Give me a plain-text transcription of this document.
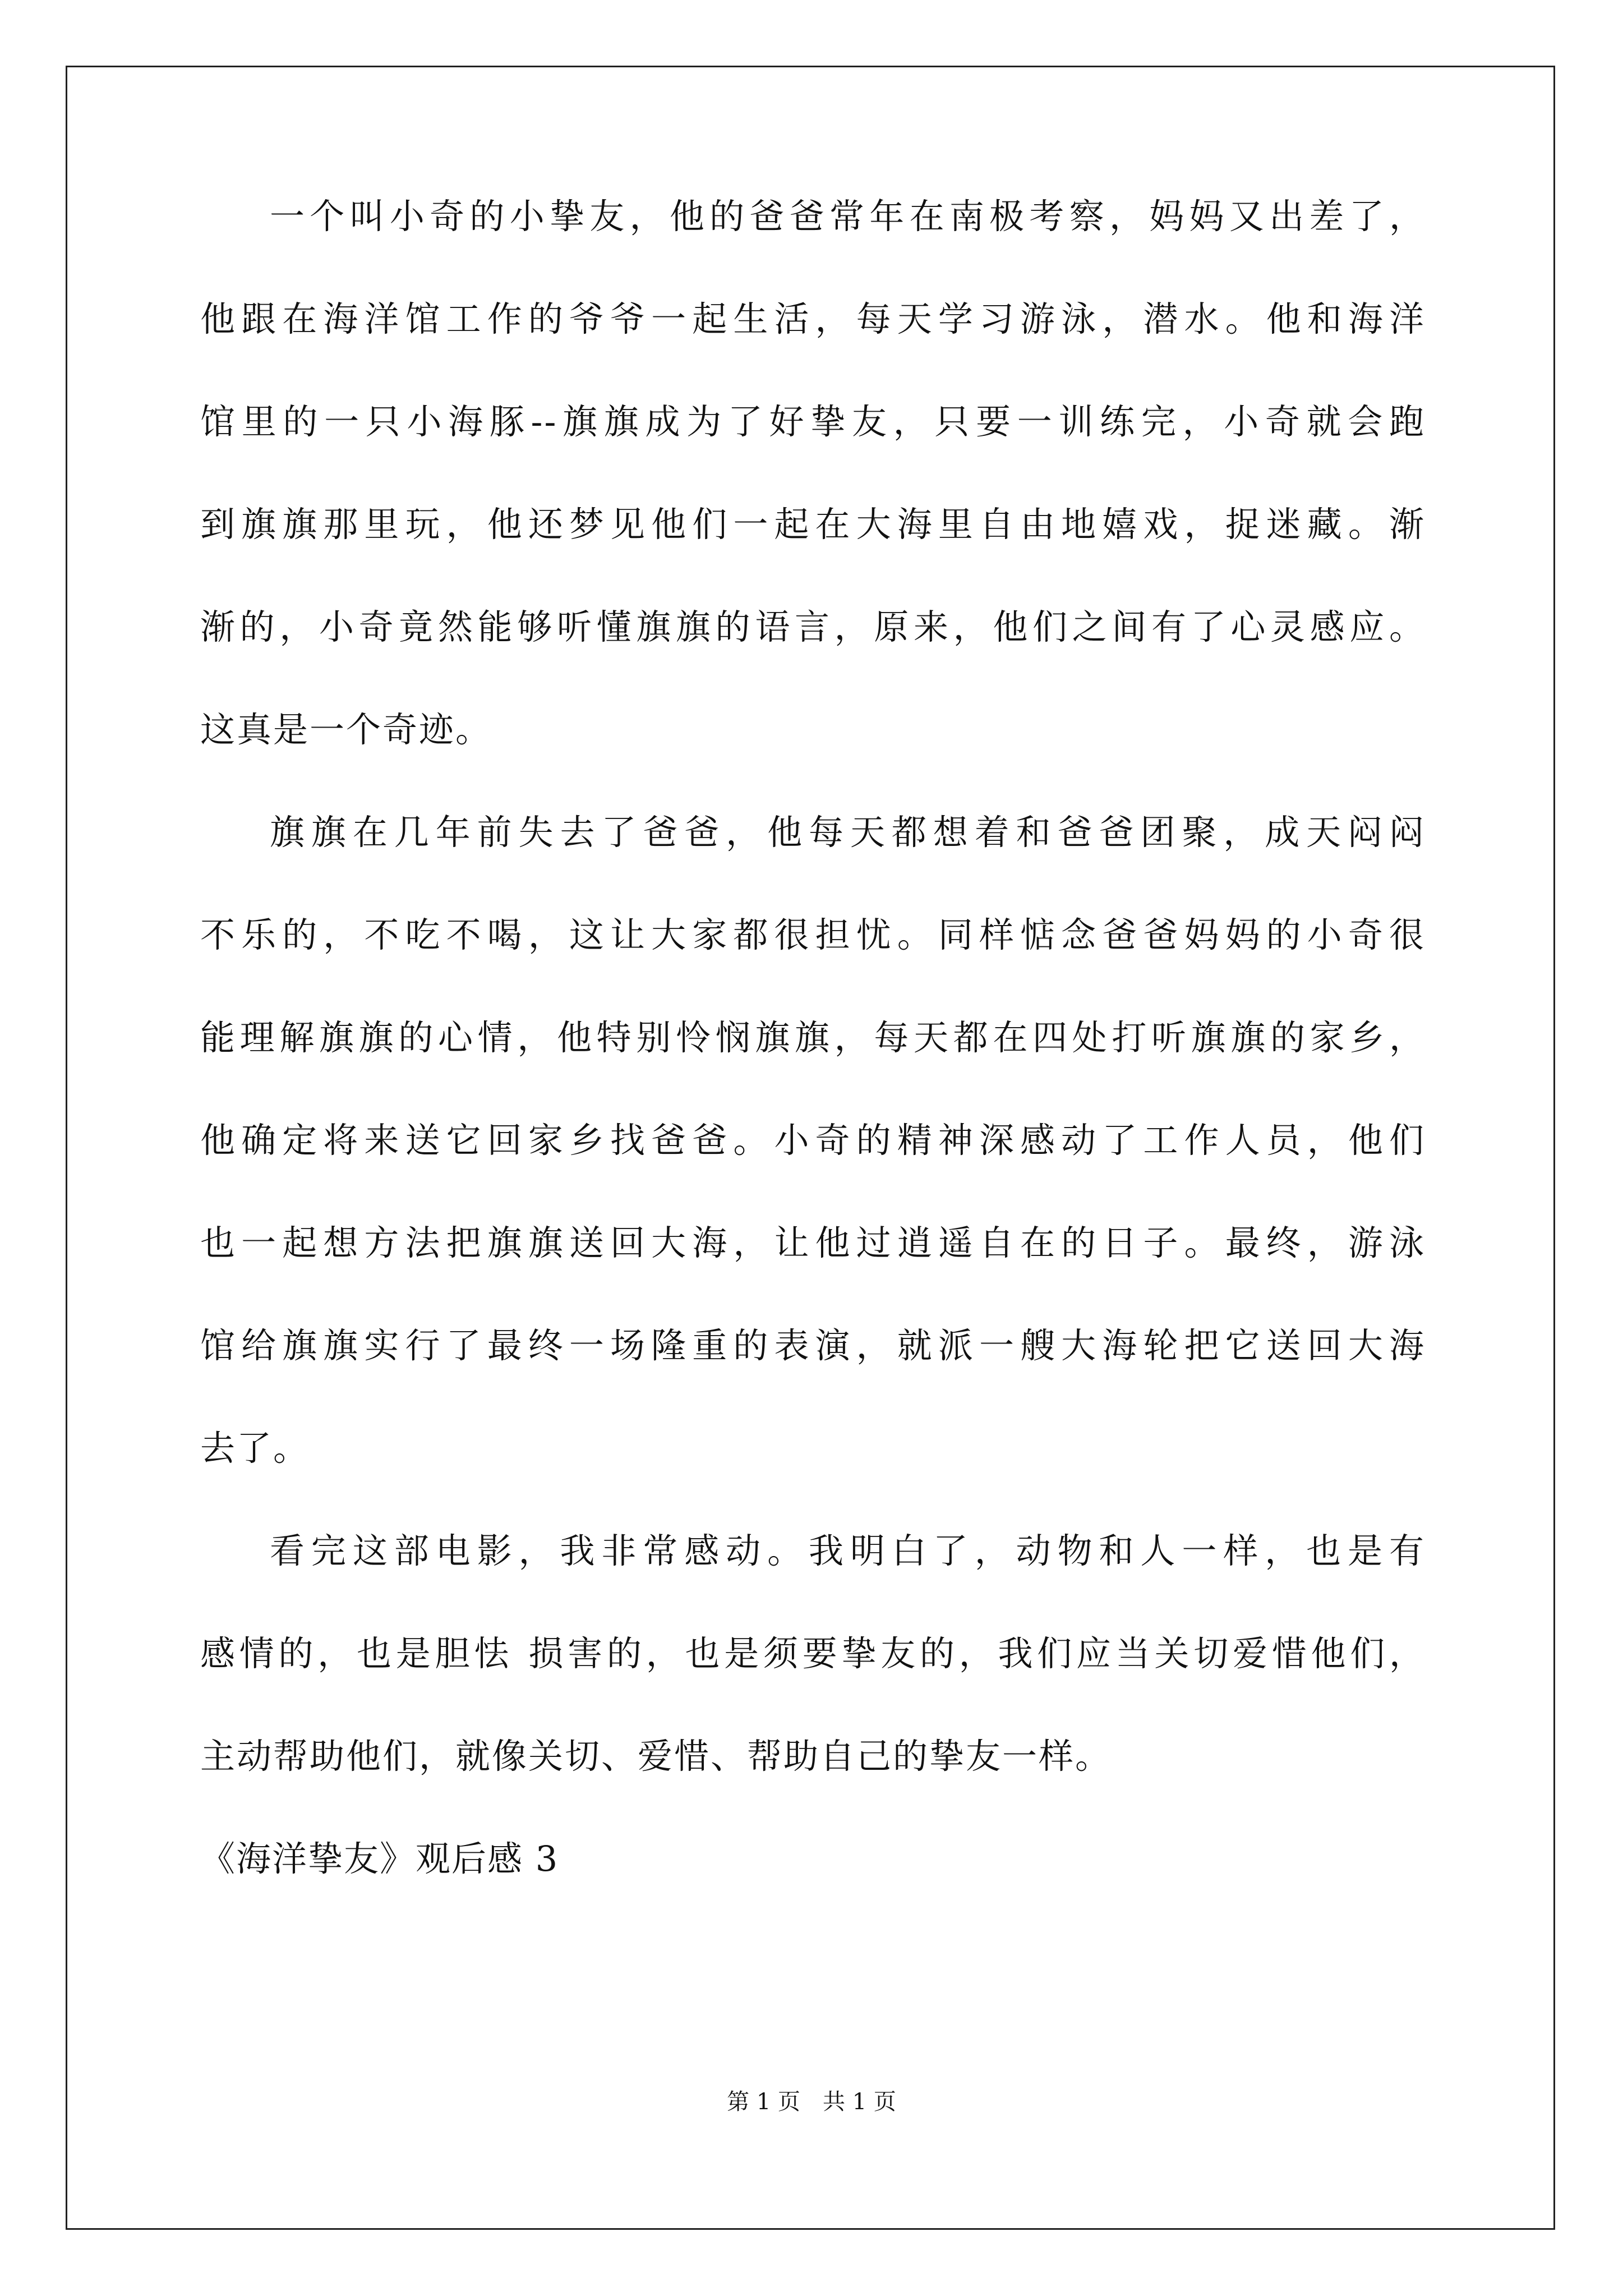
一个叫小奇的小挚友，他的爸爸常年在南极考察，妈妈又出差了，
他跟在海洋馆工作的爷爷一起生活，每天学习游泳，潜水。他和海洋
馆里的一只小海豚--旗旗成为了好挚友，只要一训练完，小奇就会跑
到旗旗那里玩，他还梦见他们一起在大海里自由地嬉戏，捉迷藏。渐
渐的，小奇竟然能够听懂旗旗的语言，原来，他们之间有了心灵感应。
这真是一个奇迹。
旗旗在几年前失去了爸爸，他每天都想着和爸爸团聚，成天闷闷
不乐的，不吃不喝，这让大家都很担忧。同样惦念爸爸妈妈的小奇很
能理解旗旗的心情，他特别怜悯旗旗，每天都在四处打听旗旗的家乡，
他确定将来送它回家乡找爸爸。小奇的精神深感动了工作人员，他们
也一起想方法把旗旗送回大海，让他过逍遥自在的日子。最终，游泳
馆给旗旗实行了最终一场隆重的表演，就派一艘大海轮把它送回大海
去了。
看完这部电影，我非常感动。我明白了，动物和人一样，也是有
感情的，也是胆怯 损害的，也是须要挚友的，我们应当关切爱惜他们，
主动帮助他们，就像关切、爱惜、帮助自己的挚友一样。
《海洋挚友》观后感 3
第 1 页 共 1 页
